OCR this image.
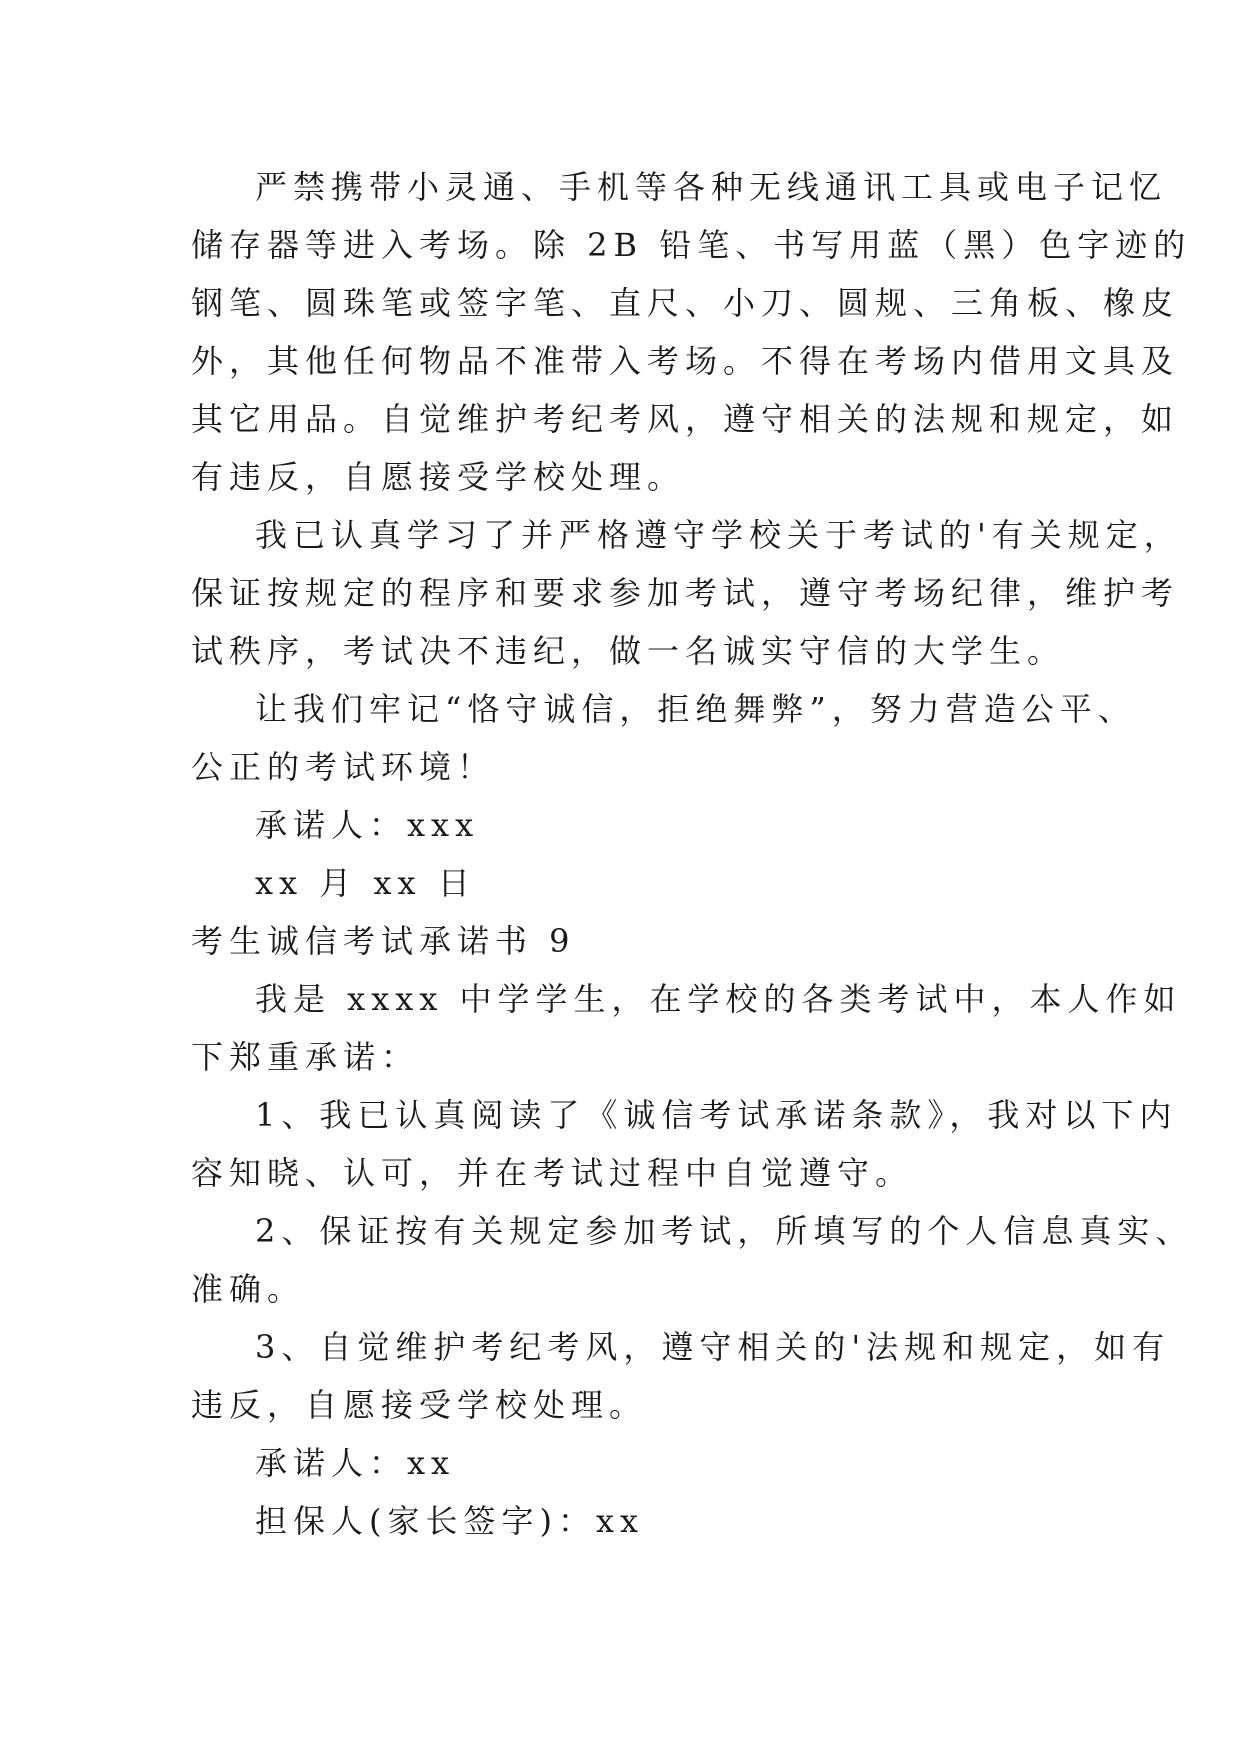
严禁携带小灵通、手机等各种无线通讯工具或电子记忆
储存器等进入考场。除 2B 铅笔、书写用蓝（黑）色字迹的
钢笔、圆珠笔或签字笔、直尺、小刀、圆规、三角板、橡皮
外，其他任何物品不准带入考场。不得在考场内借用文具及
其它用品。自觉维护考纪考风，遵守相关的法规和规定，如
有违反，自愿接受学校处理。
我已认真学习了并严格遵守学校关于考试的'有关规定，
保证按规定的程序和要求参加考试，遵守考场纪律，维护考
试秩序，考试决不违纪，做一名诚实守信的大学生。
让我们牢记“恪守诚信，拒绝舞弊”，努力营造公平、
公正的考试环境！
承诺人：xxx
xx 月 xx 日
考生诚信考试承诺书 9
我是 xxxx 中学学生，在学校的各类考试中，本人作如
下郑重承诺：
1、我已认真阅读了《诚信考试承诺条款》，我对以下内
容知晓、认可，并在考试过程中自觉遵守。
2、保证按有关规定参加考试，所填写的个人信息真实、
准确。
3、自觉维护考纪考风，遵守相关的'法规和规定，如有
违反，自愿接受学校处理。
承诺人：xx
担保人(家长签字)：xx
